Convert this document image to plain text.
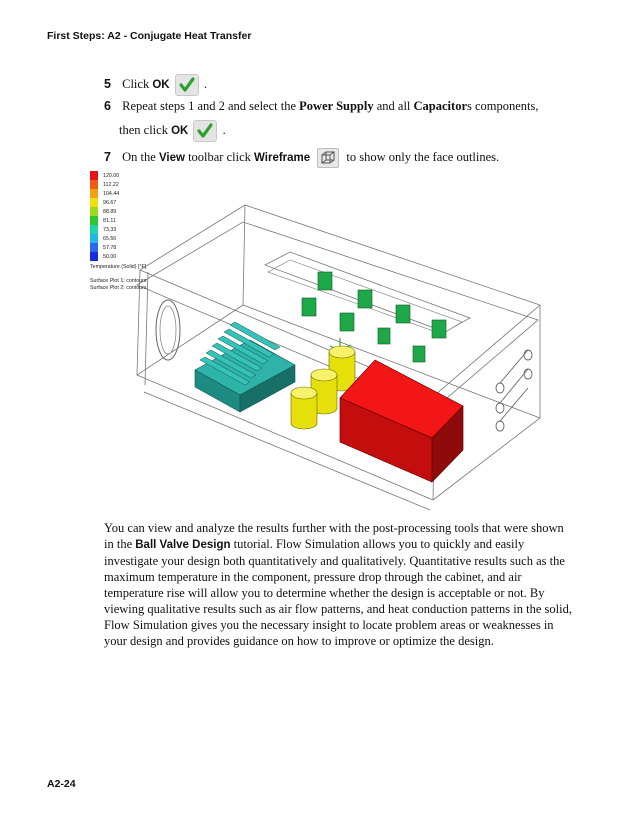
First Steps: A2 - Conjugate Heat Transfer
5 Click OK	.
6 Repeat steps 1 and 2 and select the Power Supply and all Capacitors components,
then click OK	.
7 On the View toolbar click Wireframe	to show only the face outlines.
120.00
112.22
104.44
96.67
88.89
81.11
73.33
65.56
57.78
50.00
Temperature (Solid) [°F]
Surface Plot 1: contours
Surface Plot 2: contours

You can view and analyze the results further with the post-processing tools that were shown in the Ball Valve Design tutorial. Flow Simulation allows you to quickly and easily investigate your design both quantitatively and qualitatively. Quantitative results such as the maximum temperature in the component, pressure drop through the cabinet, and air temperature rise will allow you to determine whether the design is acceptable or not. By viewing qualitative results such as air flow patterns, and heat conduction patterns in the solid, Flow Simulation gives you the necessary insight to locate problem areas or weaknesses in your design and provides guidance on how to improve or optimize the design.

A2-24
